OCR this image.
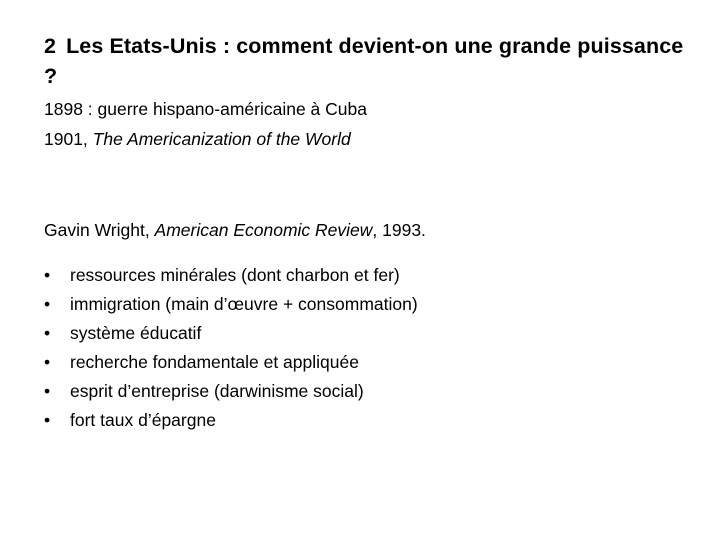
2 Les Etats-Unis : comment devient-on une grande puissance ?
1898 : guerre hispano-américaine à Cuba
1901, The Americanization of the World
Gavin Wright, American Economic Review, 1993.
•	ressources minérales (dont charbon et fer)
•	immigration (main d’œuvre + consommation)
•	système éducatif
•	recherche fondamentale et appliquée
•	esprit d’entreprise (darwinisme social)
•	fort taux d’épargne
